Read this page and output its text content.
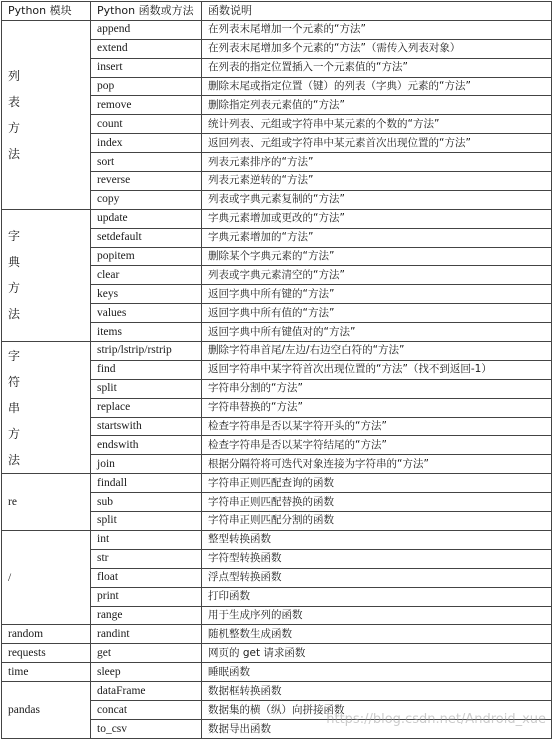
Python 模块	Python 函数或方法	函数说明

列
表
方
法	append	在列表末尾增加一个元素的“方法”
	extend	在列表末尾增加多个元素的“方法”（需传入列表对象）
	insert	在列表的指定位置插入一个元素值的“方法”
	pop	删除末尾或指定位置（键）的列表（字典）元素的“方法”
	remove	删除指定列表元素值的“方法”
	count	统计列表、元组或字符串中某元素的个数的“方法”
	index	返回列表、元组或字符串中某元素首次出现位置的“方法”
	sort	列表元素排序的“方法”
	reverse	列表元素逆转的“方法”
	copy	列表或字典元素复制的“方法”

字
典
方
法	update	字典元素增加或更改的“方法”
	setdefault	字典元素增加的“方法”
	popitem	删除某个字典元素的“方法”
	clear	列表或字典元素清空的“方法”
	keys	返回字典中所有键的“方法”
	values	返回字典中所有值的“方法”
	items	返回字典中所有键值对的“方法”

字
符
串
方
法	strip/lstrip/rstrip	删除字符串首尾/左边/右边空白符的“方法”
	find	返回字符串中某字符首次出现位置的“方法”（找不到返回-1）
	split	字符串分割的“方法”
	replace	字符串替换的“方法”
	startswith	检查字符串是否以某字符开头的“方法”
	endswith	检查字符串是否以某字符结尾的“方法”
	join	根据分隔符将可迭代对象连接为字符串的“方法”
re	findall	字符串正则匹配查询的函数
	sub	字符串正则匹配替换的函数
	split	字符串正则匹配分割的函数
/	int	整型转换函数
	str	字符型转换函数
	float	浮点型转换函数
	print	打印函数
	range	用于生成序列的函数
random	randint	随机整数生成函数
requests	get	网页的 get 请求函数
time	sleep	睡眠函数
pandas	dataFrame	数据框转换函数
	concat	数据集的横（纵）向拼接函数
	to_csv	数据导出函数
https://blog.csdn.net/Android_xue
